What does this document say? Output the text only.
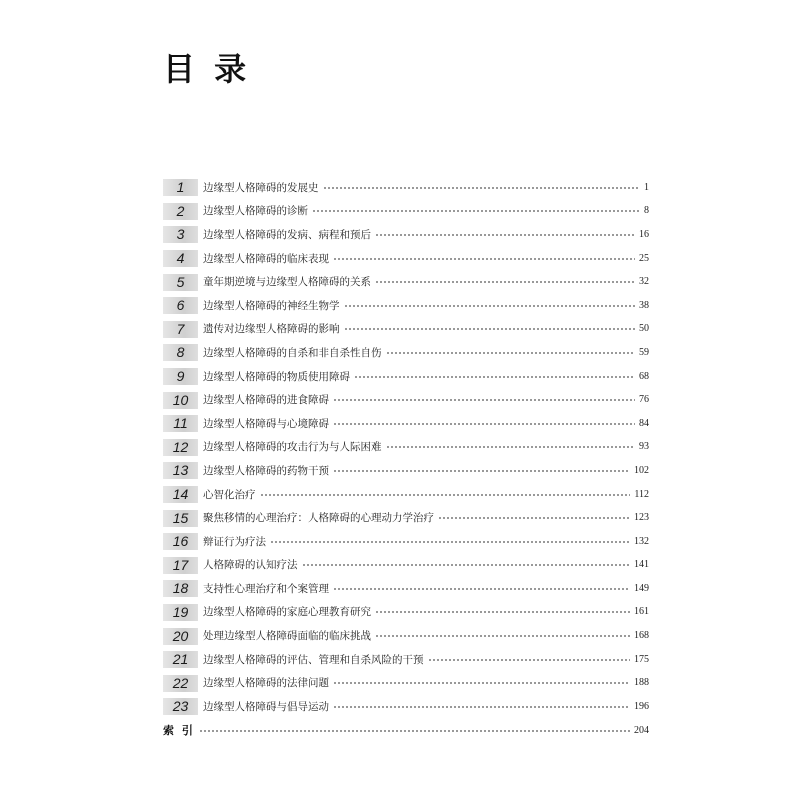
目 录
1	边缘型人格障碍的发展史	1
2	边缘型人格障碍的诊断	8
3	边缘型人格障碍的发病、病程和预后	16
4	边缘型人格障碍的临床表现	25
5	童年期逆境与边缘型人格障碍的关系	32
6	边缘型人格障碍的神经生物学	38
7	遗传对边缘型人格障碍的影响	50
8	边缘型人格障碍的自杀和非自杀性自伤	59
9	边缘型人格障碍的物质使用障碍	68
10	边缘型人格障碍的进食障碍	76
11	边缘型人格障碍与心境障碍	84
12	边缘型人格障碍的攻击行为与人际困难	93
13	边缘型人格障碍的药物干预	102
14	心智化治疗	112
15	聚焦移情的心理治疗：人格障碍的心理动力学治疗	123
16	辩证行为疗法	132
17	人格障碍的认知疗法	141
18	支持性心理治疗和个案管理	149
19	边缘型人格障碍的家庭心理教育研究	161
20	处理边缘型人格障碍面临的临床挑战	168
21	边缘型人格障碍的评估、管理和自杀风险的干预	175
22	边缘型人格障碍的法律问题	188
23	边缘型人格障碍与倡导运动	196
索 引	204
